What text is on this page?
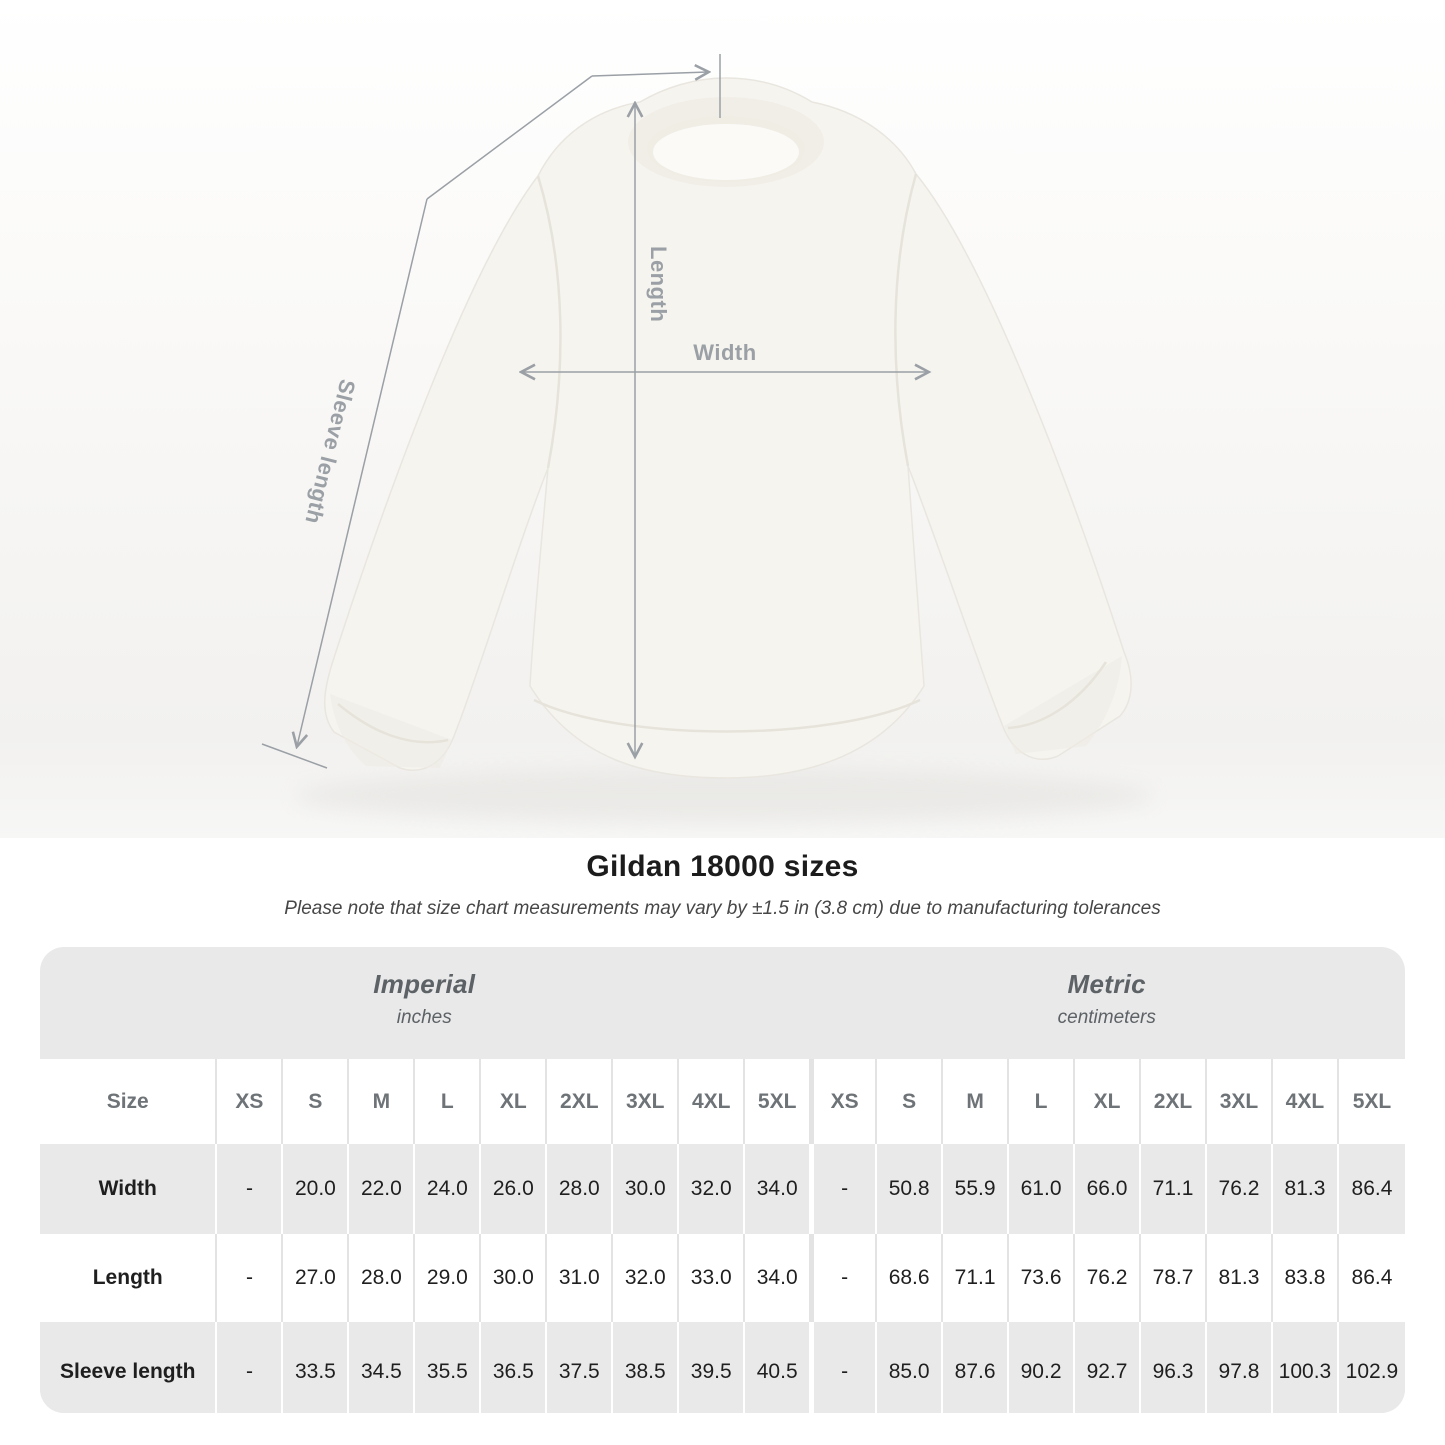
Length
Width
Sleeve length
Gildan 18000 sizes

Please note that size chart measurements may vary by ±1.5 in (3.8 cm) due to manufacturing tolerances

Imperial
inches
Metric
centimeters
Size	XS	S	M	L	XL	2XL	3XL	4XL	5XL	XS	S	M	L	XL	2XL	3XL	4XL	5XL
Width	-	20.0	22.0	24.0	26.0	28.0	30.0	32.0	34.0	-	50.8	55.9	61.0	66.0	71.1	76.2	81.3	86.4
Length	-	27.0	28.0	29.0	30.0	31.0	32.0	33.0	34.0	-	68.6	71.1	73.6	76.2	78.7	81.3	83.8	86.4
Sleeve length	-	33.5	34.5	35.5	36.5	37.5	38.5	39.5	40.5	-	85.0	87.6	90.2	92.7	96.3	97.8	100.3	102.9
